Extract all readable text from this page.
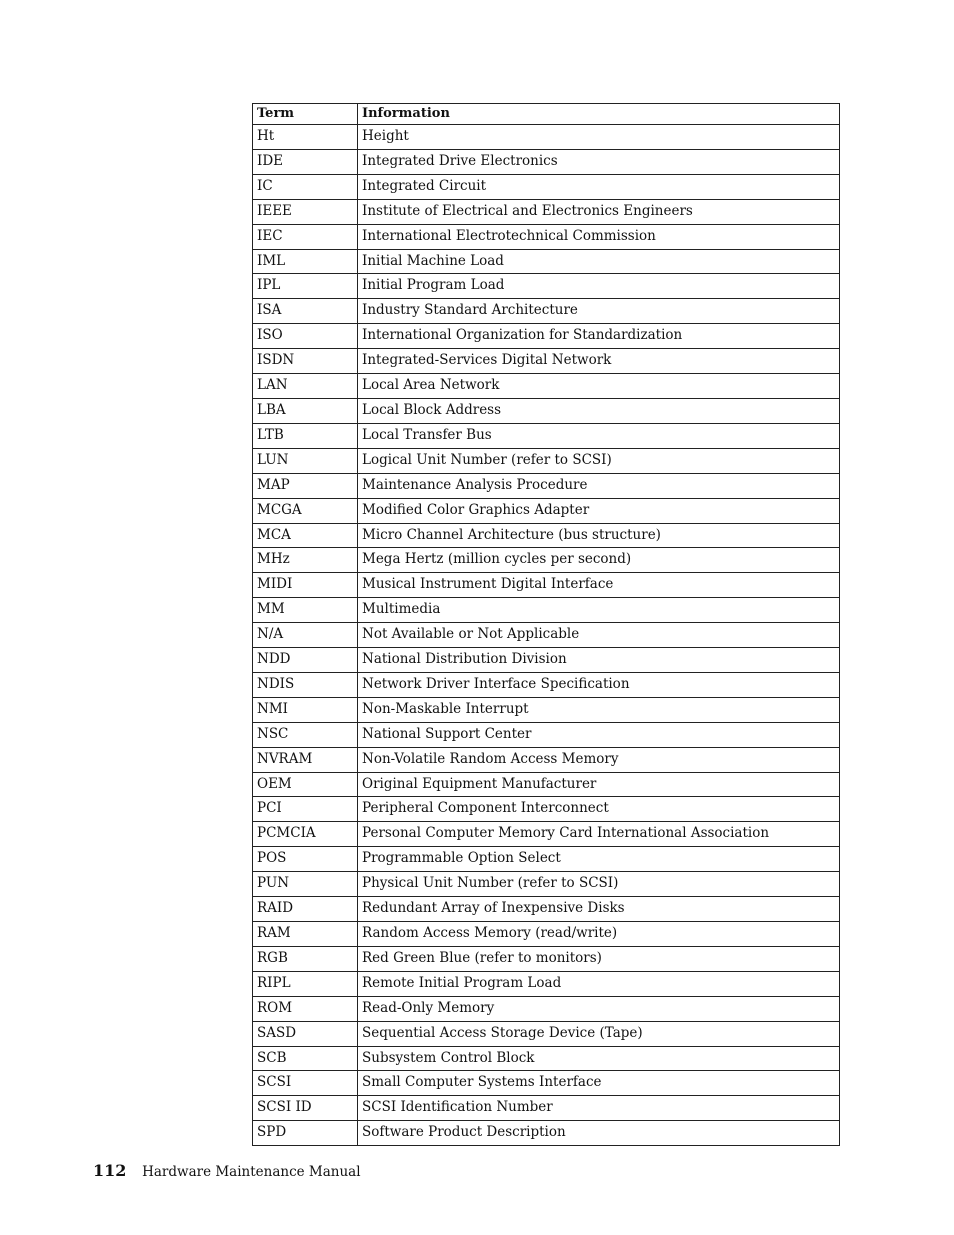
Term	Information
Ht	Height
IDE	Integrated Drive Electronics
IC	Integrated Circuit
IEEE	Institute of Electrical and Electronics Engineers
IEC	International Electrotechnical Commission
IML	Initial Machine Load
IPL	Initial Program Load
ISA	Industry Standard Architecture
ISO	International Organization for Standardization
ISDN	Integrated-Services Digital Network
LAN	Local Area Network
LBA	Local Block Address
LTB	Local Transfer Bus
LUN	Logical Unit Number (refer to SCSI)
MAP	Maintenance Analysis Procedure
MCGA	Modified Color Graphics Adapter
MCA	Micro Channel Architecture (bus structure)
MHz	Mega Hertz (million cycles per second)
MIDI	Musical Instrument Digital Interface
MM	Multimedia
N/A	Not Available or Not Applicable
NDD	National Distribution Division
NDIS	Network Driver Interface Specification
NMI	Non-Maskable Interrupt
NSC	National Support Center
NVRAM	Non-Volatile Random Access Memory
OEM	Original Equipment Manufacturer
PCI	Peripheral Component Interconnect
PCMCIA	Personal Computer Memory Card International Association
POS	Programmable Option Select
PUN	Physical Unit Number (refer to SCSI)
RAID	Redundant Array of Inexpensive Disks
RAM	Random Access Memory (read/write)
RGB	Red Green Blue (refer to monitors)
RIPL	Remote Initial Program Load
ROM	Read-Only Memory
SASD	Sequential Access Storage Device (Tape)
SCB	Subsystem Control Block
SCSI	Small Computer Systems Interface
SCSI ID	SCSI Identification Number
SPD	Software Product Description
112 Hardware Maintenance Manual
